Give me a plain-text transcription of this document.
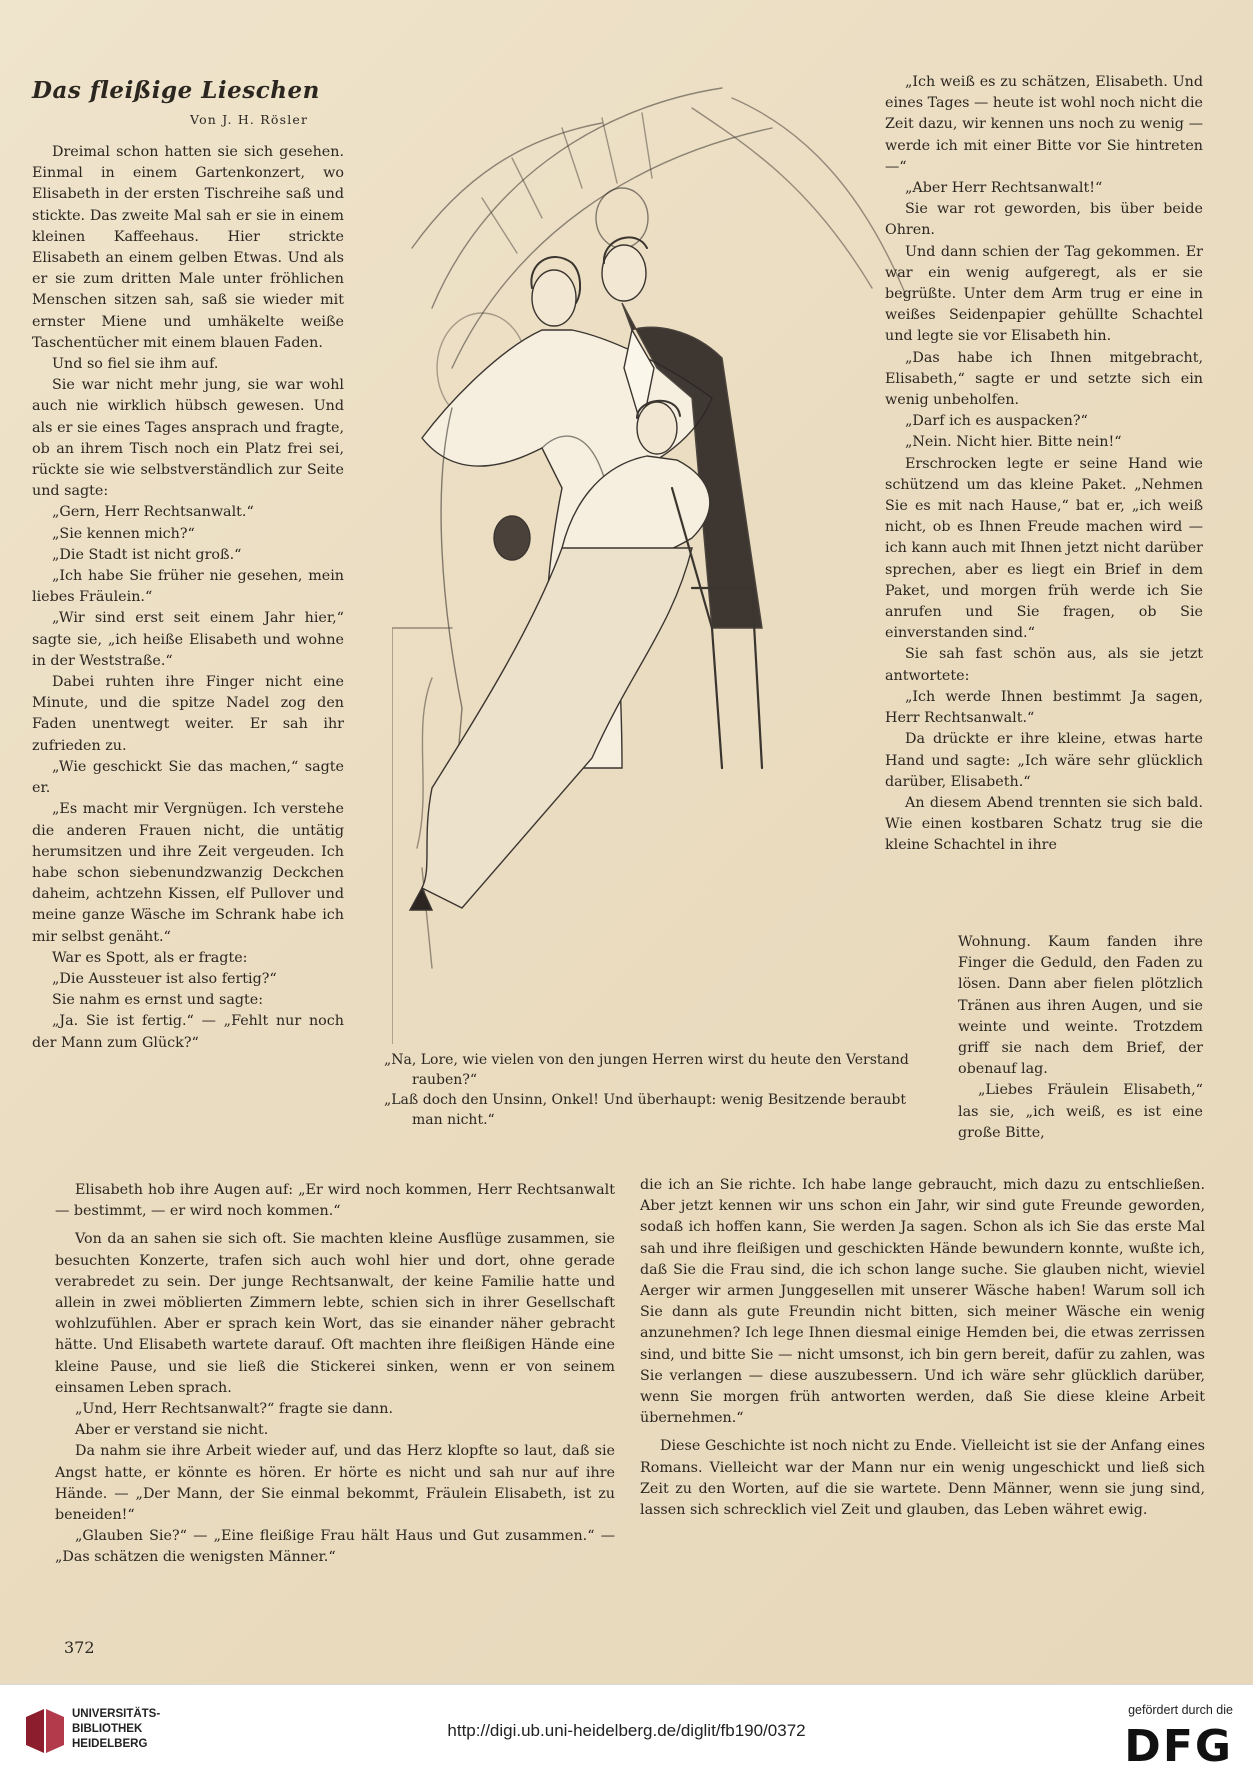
Das fleißige Lieschen
Von J. H. Rösler

Dreimal schon hatten sie sich gesehen. Einmal in einem Gartenkonzert, wo Elisabeth in der ersten Tischreihe saß und stickte. Das zweite Mal sah er sie in einem kleinen Kaffeehaus. Hier strickte Elisabeth an einem gelben Etwas. Und als er sie zum dritten Male unter fröhlichen Menschen sitzen sah, saß sie wieder mit ernster Miene und umhäkelte weiße Taschentücher mit einem blauen Faden.

Und so fiel sie ihm auf.

Sie war nicht mehr jung, sie war wohl auch nie wirklich hübsch gewesen. Und als er sie eines Tages ansprach und fragte, ob an ihrem Tisch noch ein Platz frei sei, rückte sie wie selbstverständlich zur Seite und sagte:

„Gern, Herr Rechtsanwalt.“

„Sie kennen mich?“

„Die Stadt ist nicht groß.“

„Ich habe Sie früher nie gesehen, mein liebes Fräulein.“

„Wir sind erst seit einem Jahr hier,“ sagte sie, „ich heiße Elisabeth und wohne in der Weststraße.“

Dabei ruhten ihre Finger nicht eine Minute, und die spitze Nadel zog den Faden unentwegt weiter. Er sah ihr zufrieden zu.

„Wie geschickt Sie das machen,“ sagte er.

„Es macht mir Vergnügen. Ich verstehe die anderen Frauen nicht, die untätig herumsitzen und ihre Zeit vergeuden. Ich habe schon siebenundzwanzig Deckchen daheim, achtzehn Kissen, elf Pullover und meine ganze Wäsche im Schrank habe ich mir selbst genäht.“

War es Spott, als er fragte:

„Die Aussteuer ist also fertig?“

Sie nahm es ernst und sagte:

„Ja. Sie ist fertig.“ — „Fehlt nur noch der Mann zum Glück?“

Elisabeth hob ihre Augen auf: „Er wird noch kommen, Herr Rechtsanwalt — bestimmt, — er wird noch kommen.“

Von da an sahen sie sich oft. Sie machten kleine Ausflüge zusammen, sie besuchten Konzerte, trafen sich auch wohl hier und dort, ohne gerade verabredet zu sein. Der junge Rechtsanwalt, der keine Familie hatte und allein in zwei möblierten Zimmern lebte, schien sich in ihrer Gesellschaft wohlzufühlen. Aber er sprach kein Wort, das sie einander näher gebracht hätte. Und Elisabeth wartete darauf. Oft machten ihre fleißigen Hände eine kleine Pause, und sie ließ die Stickerei sinken, wenn er von seinem einsamen Leben sprach.

„Und, Herr Rechtsanwalt?“ fragte sie dann.

Aber er verstand sie nicht.

Da nahm sie ihre Arbeit wieder auf, und das Herz klopfte so laut, daß sie Angst hatte, er könnte es hören. Er hörte es nicht und sah nur auf ihre Hände. — „Der Mann, der Sie einmal bekommt, Fräulein Elisabeth, ist zu beneiden!“

„Glauben Sie?“ — „Eine fleißige Frau hält Haus und Gut zusammen.“ — „Das schätzen die wenigsten Männer.“

372

„Na, Lore, wie vielen von den jungen Herren wirst du heute den Verstand rauben?“

„Laß doch den Unsinn, Onkel! Und überhaupt: wenig Besitzende beraubt man nicht.“

„Ich weiß es zu schätzen, Elisabeth. Und eines Tages — heute ist wohl noch nicht die Zeit dazu, wir kennen uns noch zu wenig — werde ich mit einer Bitte vor Sie hintreten —“

„Aber Herr Rechtsanwalt!“

Sie war rot geworden, bis über beide Ohren.

Und dann schien der Tag gekommen. Er war ein wenig aufgeregt, als er sie begrüßte. Unter dem Arm trug er eine in weißes Seidenpapier gehüllte Schachtel und legte sie vor Elisabeth hin.

„Das habe ich Ihnen mitgebracht, Elisabeth,“ sagte er und setzte sich ein wenig unbeholfen.

„Darf ich es auspacken?“

„Nein. Nicht hier. Bitte nein!“

Erschrocken legte er seine Hand wie schützend um das kleine Paket. „Nehmen Sie es mit nach Hause,“ bat er, „ich weiß nicht, ob es Ihnen Freude machen wird — ich kann auch mit Ihnen jetzt nicht darüber sprechen, aber es liegt ein Brief in dem Paket, und morgen früh werde ich Sie anrufen und Sie fragen, ob Sie einverstanden sind.“

Sie sah fast schön aus, als sie jetzt antwortete:

„Ich werde Ihnen bestimmt Ja sagen, Herr Rechtsanwalt.“

Da drückte er ihre kleine, etwas harte Hand und sagte: „Ich wäre sehr glücklich darüber, Elisabeth.“

An diesem Abend trennten sie sich bald. Wie einen kostbaren Schatz trug sie die kleine Schachtel in ihre

Wohnung. Kaum fanden ihre Finger die Geduld, den Faden zu lösen. Dann aber fielen plötzlich Tränen aus ihren Augen, und sie weinte und weinte. Trotzdem griff sie nach dem Brief, der obenauf lag.

„Liebes Fräulein Elisabeth,“ las sie, „ich weiß, es ist eine große Bitte,

die ich an Sie richte. Ich habe lange gebraucht, mich dazu zu entschließen. Aber jetzt kennen wir uns schon ein Jahr, wir sind gute Freunde geworden, sodaß ich hoffen kann, Sie werden Ja sagen. Schon als ich Sie das erste Mal sah und ihre fleißigen und geschickten Hände bewundern konnte, wußte ich, daß Sie die Frau sind, die ich schon lange suche. Sie glauben nicht, wieviel Aerger wir armen Junggesellen mit unserer Wäsche haben! Warum soll ich Sie dann als gute Freundin nicht bitten, sich meiner Wäsche ein wenig anzunehmen? Ich lege Ihnen diesmal einige Hemden bei, die etwas zerrissen sind, und bitte Sie — nicht umsonst, ich bin gern bereit, dafür zu zahlen, was Sie verlangen — diese auszubessern. Und ich wäre sehr glücklich darüber, wenn Sie morgen früh antworten werden, daß Sie diese kleine Arbeit übernehmen.“

Diese Geschichte ist noch nicht zu Ende. Vielleicht ist sie der Anfang eines Romans. Vielleicht war der Mann nur ein wenig ungeschickt und ließ sich Zeit zu den Worten, auf die sie wartete. Denn Männer, wenn sie jung sind, lassen sich schrecklich viel Zeit und glauben, das Leben währet ewig.

UNIVERSITÄTS-
BIBLIOTHEK
HEIDELBERG
http://digi.ub.uni-heidelberg.de/diglit/fb190/0372
gefördert durch die
DFG
